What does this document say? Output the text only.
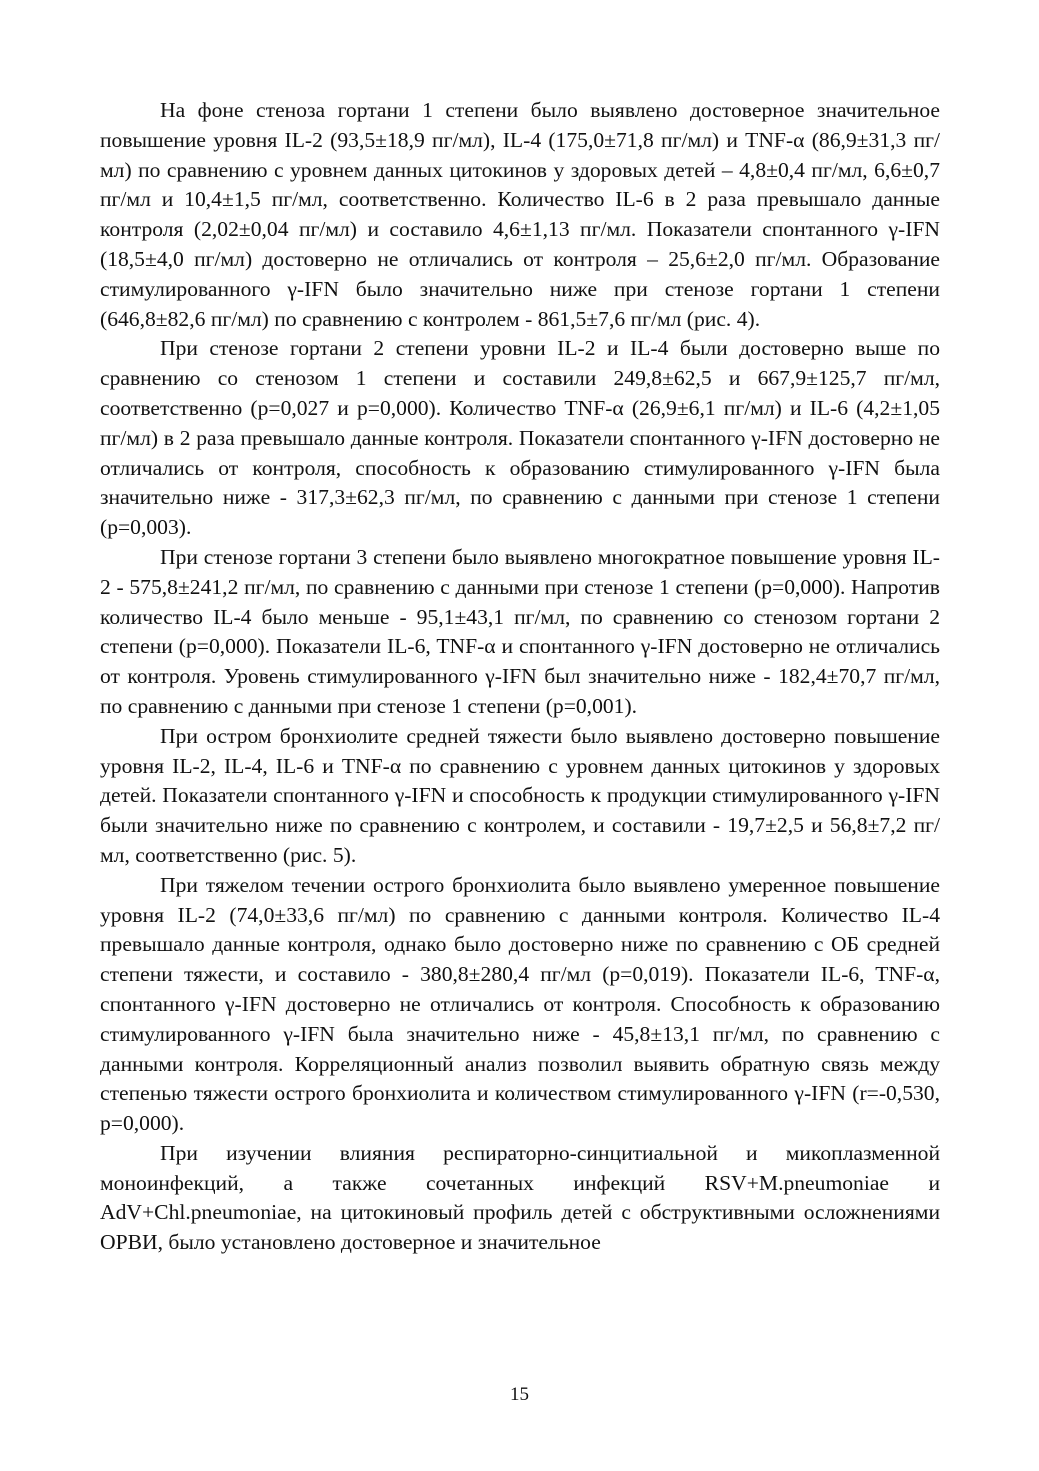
На фоне стеноза гортани 1 степени было выявлено достоверное значительное повышение уровня IL-2 (93,5±18,9 пг/мл), IL-4 (175,0±71,8 пг/мл) и TNF‑α (86,9±31,3 пг/мл) по сравнению с уровнем данных цитокинов у здоровых детей – 4,8±0,4 пг/мл, 6,6±0,7 пг/мл и 10,4±1,5 пг/мл, соответственно. Количество IL-6 в 2 раза превышало данные контроля (2,02±0,04 пг/мл) и составило 4,6±1,13 пг/мл. Показатели спонтанного γ-IFN (18,5±4,0 пг/мл) достоверно не отличались от контроля – 25,6±2,0 пг/мл. Образование стимулированного γ-IFN было значительно ниже при стенозе гортани 1 степени (646,8±82,6 пг/мл) по сравнению с контролем - 861,5±7,6 пг/мл (рис. 4).

При стенозе гортани 2 степени уровни IL-2 и IL-4 были достоверно выше по сравнению со стенозом 1 степени и составили 249,8±62,5 и 667,9±125,7 пг/мл, соответственно (p=0,027 и p=0,000). Количество TNF-α (26,9±6,1 пг/мл) и IL-6 (4,2±1,05 пг/мл) в 2 раза превышало данные контроля. Показатели спонтанного γ-IFN достоверно не отличались от контроля, способность к образованию стимулированного γ-IFN была значительно ниже - 317,3±62,3 пг/мл, по сравнению с данными при стенозе 1 степени (p=0,003).

При стенозе гортани 3 степени было выявлено многократное повышение уровня IL-2 - 575,8±241,2 пг/мл, по сравнению с данными при стенозе 1 степени (p=0,000). Напротив количество IL-4 было меньше - 95,1±43,1 пг/мл, по сравнению со стенозом гортани 2 степени (p=0,000). Показатели IL-6, TNF-α и спонтанного γ-IFN достоверно не отличались от контроля. Уровень стимулированного γ-IFN был значительно ниже - 182,4±70,7 пг/мл, по сравнению с данными при стенозе 1 степени (p=0,001).

При остром бронхиолите средней тяжести было выявлено достоверно повышение уровня IL-2, IL-4, IL-6 и TNF-α по сравнению с уровнем данных цитокинов у здоровых детей. Показатели спонтанного γ-IFN и способность к продукции стимулированного γ-IFN были значительно ниже по сравнению с контролем, и составили - 19,7±2,5 и 56,8±7,2 пг/мл, соответственно (рис. 5).

При тяжелом течении острого бронхиолита было выявлено умеренное повышение уровня IL-2 (74,0±33,6 пг/мл) по сравнению с данными контроля. Количество IL-4 превышало данные контроля, однако было достоверно ниже по сравнению с ОБ средней степени тяжести, и составило - 380,8±280,4 пг/мл (p=0,019). Показатели IL-6, TNF‑α, спонтанного γ-IFN достоверно не отличались от контроля. Способность к образованию стимулированного γ-IFN была значительно ниже - 45,8±13,1 пг/мл, по сравнению с данными контроля. Корреляционный анализ позволил выявить обратную связь между степенью тяжести острого бронхиолита и количеством стимулированного γ-IFN (r=-0,530, p=0,000).

При изучении влияния респираторно-синцитиальной и микоплазменной моноинфекций, а также сочетанных инфекций RSV+M.pneumoniae и AdV+Chl.pneumoniae, на цитокиновый профиль детей с обструктивными осложнениями ОРВИ, было установлено достоверное и значительное

15
